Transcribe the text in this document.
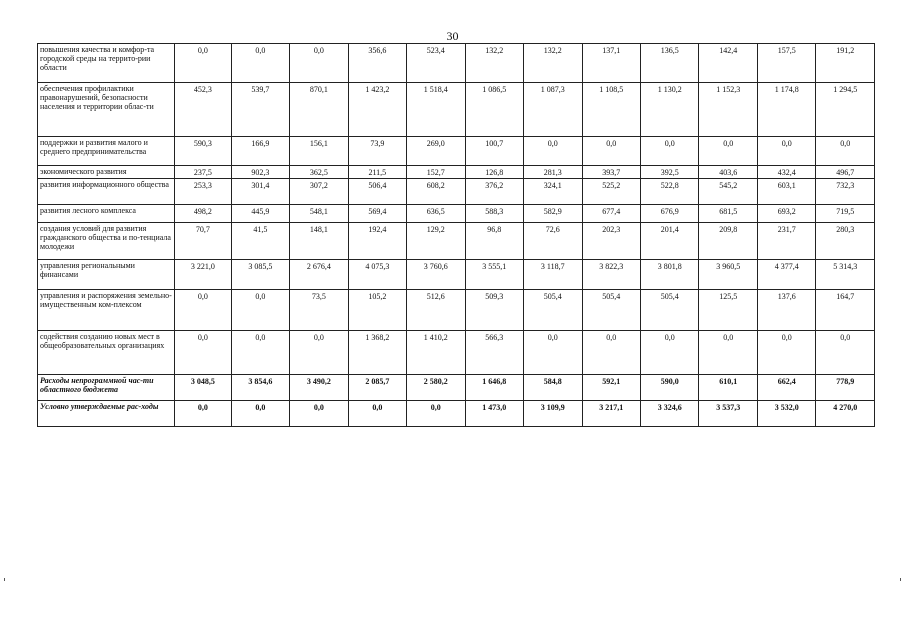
30
повышения качества и комфор-та городской среды на террито-рии области	0,0	0,0	0,0	356,6	523,4	132,2	132,2	137,1	136,5	142,4	157,5	191,2
обеспечения профилактики правонарушений, безопасности населения и территории облас-ти	452,3	539,7	870,1	1 423,2	1 518,4	1 086,5	1 087,3	1 108,5	1 130,2	1 152,3	1 174,8	1 294,5
поддержки и развития малого и среднего предпринимательства	590,3	166,9	156,1	73,9	269,0	100,7	0,0	0,0	0,0	0,0	0,0	0,0
экономического развития	237,5	902,3	362,5	211,5	152,7	126,8	281,3	393,7	392,5	403,6	432,4	496,7
развития информационного общества	253,3	301,4	307,2	506,4	608,2	376,2	324,1	525,2	522,8	545,2	603,1	732,3
развития лесного комплекса	498,2	445,9	548,1	569,4	636,5	588,3	582,9	677,4	676,9	681,5	693,2	719,5
создания условий для развития гражданского общества и по-тенциала молодежи	70,7	41,5	148,1	192,4	129,2	96,8	72,6	202,3	201,4	209,8	231,7	280,3
управления региональными финансами	3 221,0	3 085,5	2 676,4	4 075,3	3 760,6	3 555,1	3 118,7	3 822,3	3 801,8	3 960,5	4 377,4	5 314,3
управления и распоряжения земельно-имущественным ком-плексом	0,0	0,0	73,5	105,2	512,6	509,3	505,4	505,4	505,4	125,5	137,6	164,7
содействия созданию новых мест в общеобразовательных организациях	0,0	0,0	0,0	1 368,2	1 410,2	566,3	0,0	0,0	0,0	0,0	0,0	0,0
Расходы непрограммной час-ти областного бюджета	3 048,5	3 854,6	3 490,2	2 085,7	2 580,2	1 646,8	584,8	592,1	590,0	610,1	662,4	778,9
Условно утверждаемые рас-ходы	0,0	0,0	0,0	0,0	0,0	1 473,0	3 109,9	3 217,1	3 324,6	3 537,3	3 532,0	4 270,0
